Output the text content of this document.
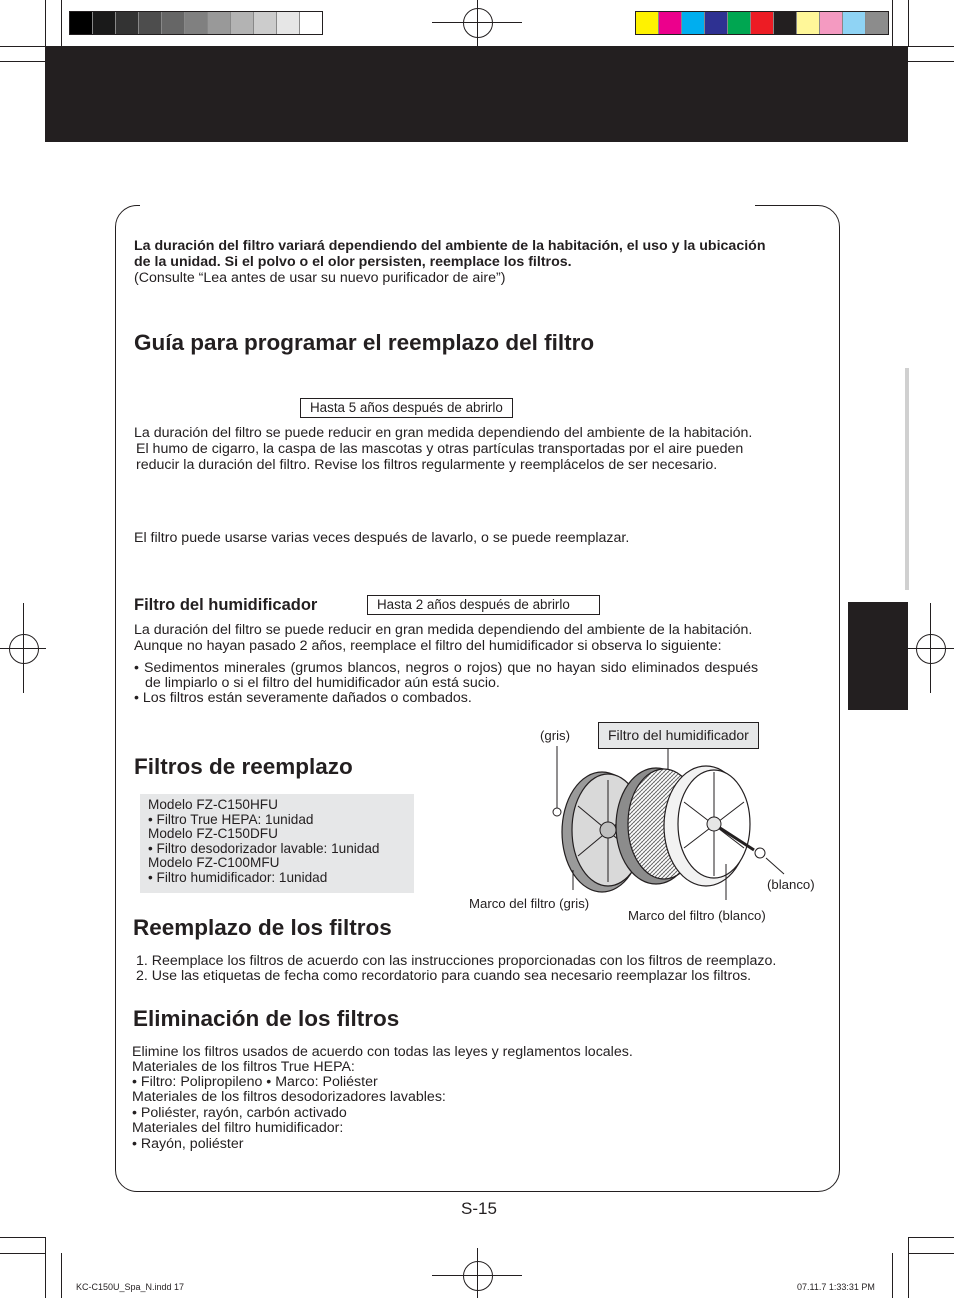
La duración del filtro variará dependiendo del ambiente de la habitación, el uso y la ubicación
de la unidad. Si el polvo o el olor persisten, reemplace los filtros.
(Consulte “Lea antes de usar su nuevo purificador de aire”)
Guía para programar el reemplazo del filtro
Hasta 5 años después de abrirlo
La duración del filtro se puede reducir en gran medida dependiendo del ambiente de la habitación.
El humo de cigarro, la caspa de las mascotas y otras partículas transportadas por el aire pueden
reducir la duración del filtro. Revise los filtros regularmente y reemplácelos de ser necesario.
El filtro puede usarse varias veces después de lavarlo, o se puede reemplazar.
Filtro del humidificador	Hasta 2 años después de abrirlo
La duración del filtro se puede reducir en gran medida dependiendo del ambiente de la habitación.
Aunque no hayan pasado 2 años, reemplace el filtro del humidificador si observa lo siguiente:
• Sedimentos minerales (grumos blancos, negros o rojos) que no hayan sido eliminados después
de limpiarlo o si el filtro del humidificador aún está sucio.
• Los filtros están severamente dañados o combados.
Filtros de reemplazo
Modelo FZ-C150HFU
• Filtro True HEPA: 1unidad
Modelo FZ-C150DFU
• Filtro desodorizador lavable: 1unidad
Modelo FZ-C100MFU
• Filtro humidificador: 1unidad
(gris)	Filtro del humidificador
(blanco)
Marco del filtro (gris)
Marco del filtro (blanco)
Reemplazo de los filtros
1. Reemplace los filtros de acuerdo con las instrucciones proporcionadas con los filtros de reemplazo.
2. Use las etiquetas de fecha como recordatorio para cuando sea necesario reemplazar los filtros.
Eliminación de los filtros
Elimine los filtros usados de acuerdo con todas las leyes y reglamentos locales.
Materiales de los filtros True HEPA:
• Filtro: Polipropileno • Marco: Poliéster
Materiales de los filtros desodorizadores lavables:
• Poliéster, rayón, carbón activado
Materiales del filtro humidificador:
• Rayón, poliéster
S-15
KC-C150U_Spa_N.indd 17	07.11.7 1:33:31 PM
